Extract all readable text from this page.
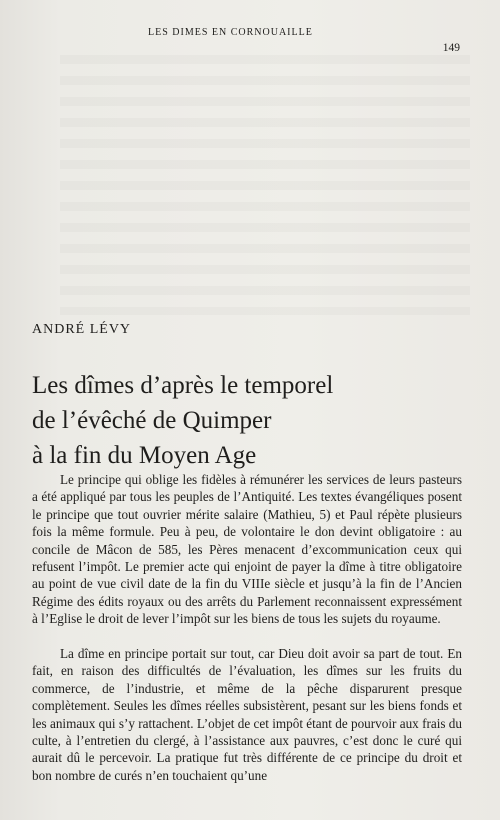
LES DIMES EN CORNOUAILLE
149
ANDRÉ LÉVY
Les dîmes d’après le temporel
de l’évêché de Quimper
à la fin du Moyen Age

Le principe qui oblige les fidèles à rémunérer les services de leurs pasteurs a été appliqué par tous les peuples de l’Antiquité. Les textes évangéliques posent le principe que tout ouvrier mérite salaire (Mathieu, 5) et Paul répète plusieurs fois la même formule. Peu à peu, de volontaire le don devint obligatoire : au concile de Mâcon de 585, les Pères menacent d’excommunication ceux qui refusent l’impôt. Le premier acte qui enjoint de payer la dîme à titre obligatoire au point de vue civil date de la fin du VIIIe siècle et jusqu’à la fin de l’Ancien Régime des édits royaux ou des arrêts du Parlement reconnaissent expressément à l’Eglise le droit de lever l’impôt sur les biens de tous les sujets du royaume.

La dîme en principe portait sur tout, car Dieu doit avoir sa part de tout. En fait, en raison des difficultés de l’évaluation, les dîmes sur les fruits du commerce, de l’industrie, et même de la pêche disparurent presque complètement. Seules les dîmes réelles subsistèrent, pesant sur les biens fonds et les animaux qui s’y rattachent. L’objet de cet impôt étant de pourvoir aux frais du culte, à l’entretien du clergé, à l’assistance aux pauvres, c’est donc le curé qui aurait dû le percevoir. La pratique fut très différente de ce principe du droit et bon nombre de curés n’en touchaient qu’une
